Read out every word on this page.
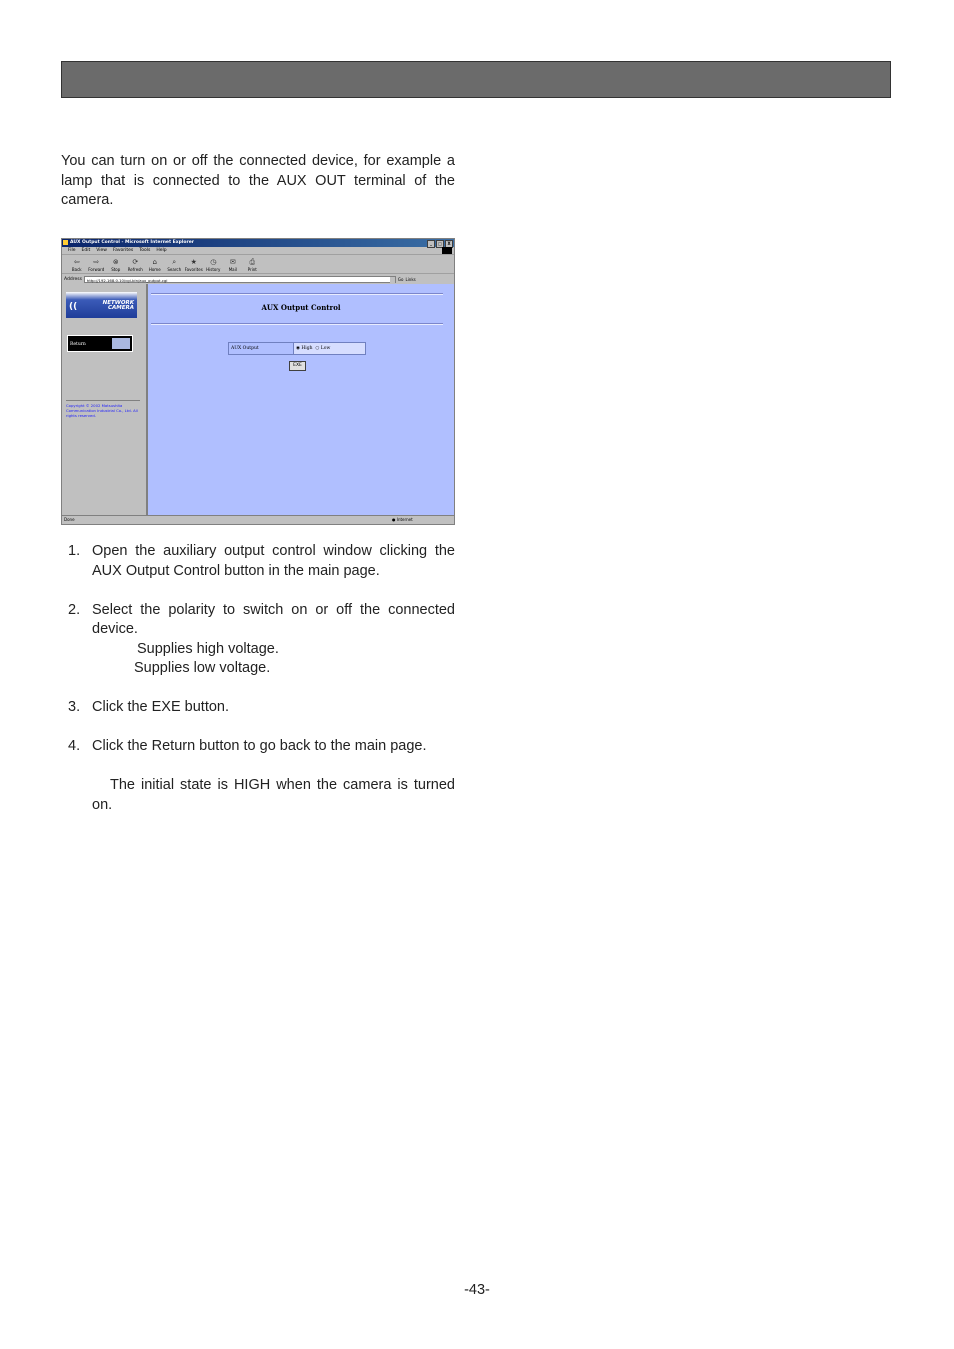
You can turn on or off the connected device, for example a lamp that is connected to the AUX OUT terminal of the camera.

AUX Output Control - Microsoft Internet Explorer	_	□	X
File Edit View Favorites Tools Help
⇦
Back
⇨
Forward
⊗
Stop
⟳
Refresh
⌂
Home
⌕
Search
★
Favorites
◷
History
✉
Mail
⎙
Print
Address	http://192.168.0.10/cgi-bin/aux_output.cgi	Go Links
((	NETWORK
CAMERA
Return
Copyright © 2002 Matsushita Communication Industrial Co., Ltd. All rights reserved.
AUX Output Control
AUX Output	◉ High ○ Low
EXE
Done	● Internet
1. Open the auxiliary output control window clicking the AUX Output Control button in the main page.
2. Select the polarity to switch on or off the connected device.

Supplies high voltage.

Supplies low voltage.

3. Click the EXE button.
4. Click the Return button to go back to the main page.

The initial state is HIGH when the camera is turned on.

-43-
